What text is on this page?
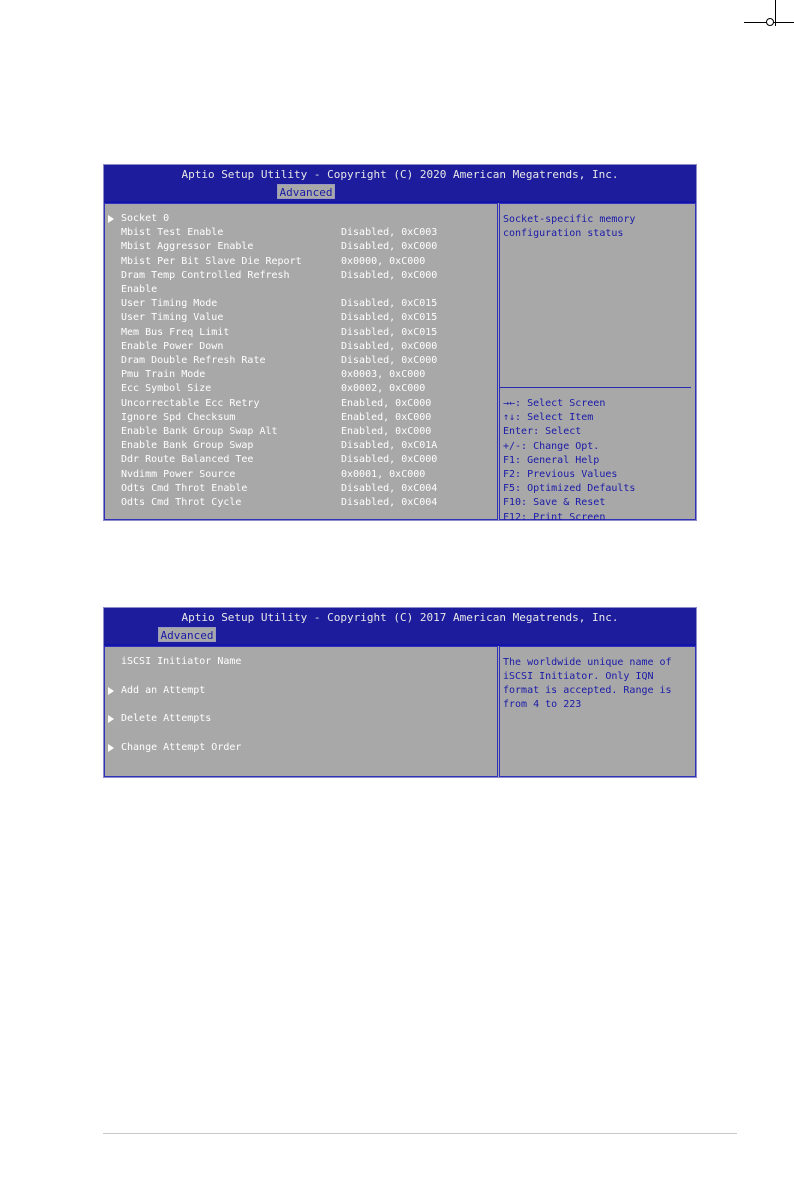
Aptio Setup Utility - Copyright (C) 2020 American Megatrends, Inc.
Advanced
Socket 0
Mbist Test Enable	Disabled, 0xC003
Mbist Aggressor Enable	Disabled, 0xC000
Mbist Per Bit Slave Die Report	0x0000, 0xC000
Dram Temp Controlled Refresh	Disabled, 0xC000
Enable
User Timing Mode	Disabled, 0xC015
User Timing Value	Disabled, 0xC015
Mem Bus Freq Limit	Disabled, 0xC015
Enable Power Down	Disabled, 0xC000
Dram Double Refresh Rate	Disabled, 0xC000
Pmu Train Mode	0x0003, 0xC000
Ecc Symbol Size	0x0002, 0xC000
Uncorrectable Ecc Retry	Enabled, 0xC000
Ignore Spd Checksum	Enabled, 0xC000
Enable Bank Group Swap Alt	Enabled, 0xC000
Enable Bank Group Swap	Disabled, 0xC01A
Ddr Route Balanced Tee	Disabled, 0xC000
Nvdimm Power Source	0x0001, 0xC000
Odts Cmd Throt Enable	Disabled, 0xC004
Odts Cmd Throt Cycle	Disabled, 0xC004
Socket-specific memory
configuration status
→←: Select Screen
↑↓: Select Item
Enter: Select
+/-: Change Opt.
F1: General Help
F2: Previous Values
F5: Optimized Defaults
F10: Save & Reset
F12: Print Screen
Aptio Setup Utility - Copyright (C) 2017 American Megatrends, Inc.
Advanced
iSCSI Initiator Name
Add an Attempt
Delete Attempts
Change Attempt Order
The worldwide unique name of
iSCSI Initiator. Only IQN
format is accepted. Range is
from 4 to 223
